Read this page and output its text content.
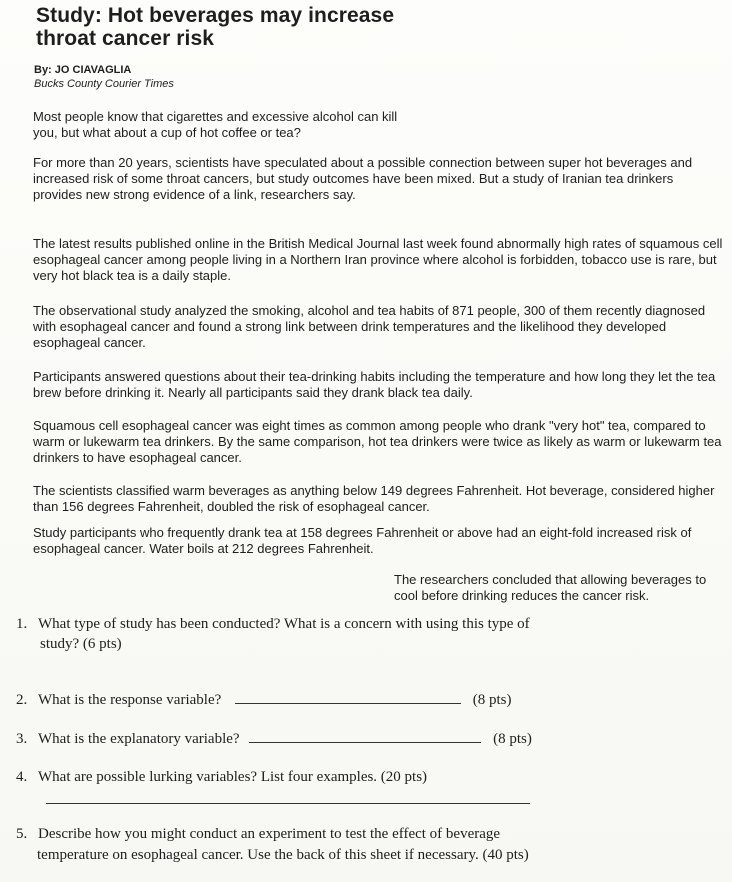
Study: Hot beverages may increase
throat cancer risk
By: JO CIAVAGLIA
Bucks County Courier Times

Most people know that cigarettes and excessive alcohol can kill you, but what about a cup of hot coffee or tea?

For more than 20 years, scientists have speculated about a possible connection between super hot beverages and increased risk of some throat cancers, but study outcomes have been mixed. But a study of Iranian tea drinkers provides new strong evidence of a link, researchers say.

The latest results published online in the British Medical Journal last week found abnormally high rates of squamous cell esophageal cancer among people living in a Northern Iran province where alcohol is forbidden, tobacco use is rare, but very hot black tea is a daily staple.

The observational study analyzed the smoking, alcohol and tea habits of 871 people, 300 of them recently diagnosed with esophageal cancer and found a strong link between drink temperatures and the likelihood they developed esophageal cancer.

Participants answered questions about their tea-drinking habits including the temperature and how long they let the tea brew before drinking it. Nearly all participants said they drank black tea daily.

Squamous cell esophageal cancer was eight times as common among people who drank "very hot" tea, compared to warm or lukewarm tea drinkers. By the same comparison, hot tea drinkers were twice as likely as warm or lukewarm tea drinkers to have esophageal cancer.

The scientists classified warm beverages as anything below 149 degrees Fahrenheit. Hot beverage, considered higher than 156 degrees Fahrenheit, doubled the risk of esophageal cancer.

Study participants who frequently drank tea at 158 degrees Fahrenheit or above had an eight-fold increased risk of esophageal cancer. Water boils at 212 degrees Fahrenheit.

The researchers concluded that allowing beverages to cool before drinking reduces the cancer risk.

1. What type of study has been conducted? What is a concern with using this type of
study? (6 pts)
2. What is the response variable?	(8 pts)
3. What is the explanatory variable?	(8 pts)
4. What are possible lurking variables? List four examples. (20 pts)
5. Describe how you might conduct an experiment to test the effect of beverage
temperature on esophageal cancer. Use the back of this sheet if necessary. (40 pts)
